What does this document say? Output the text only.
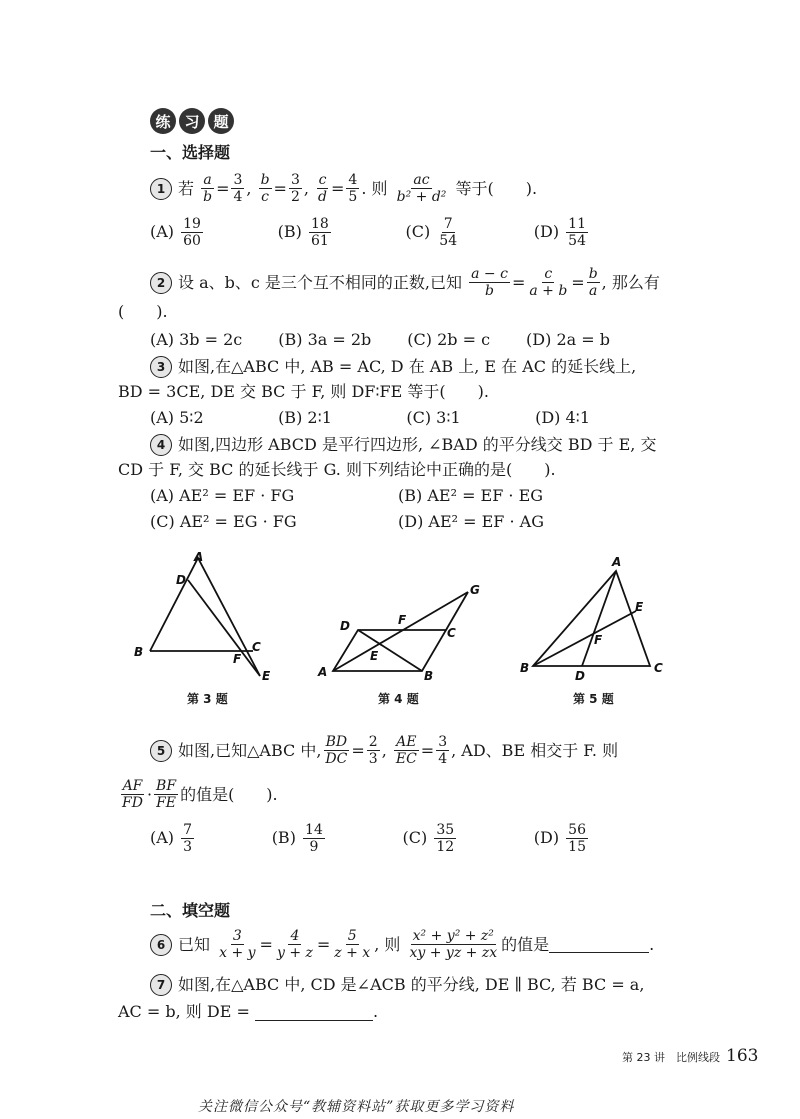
练 习 题
一、选择题
1 若
$\frac{a}{b} = \frac{3}{4}$ , $\frac{b}{c} = \frac{3}{2}$ , $\frac{c}{d} = \frac{4}{5}$ . 则
$\frac{ac}{\text{b² + d²}}$
等于(　　).
$(A) \frac{19}{60}$	$(B) \frac{18}{61}$	$(C) \frac{7}{54}$	$(D) \frac{11}{54}$
2 设 a、b、c 是三个互不相同的正数,已知
$\frac{a - c}{b} = \frac{c}{a + b} = \frac{b}{a}$ , 那么有
(　　).
(A) 3b = 2c (B) 3a = 2b (C) 2b = c (D) 2a = b
3 如图,在△ABC 中, AB = AC, D 在 AB 上, E 在 AC 的延长线上,
BD = 3CE, DE 交 BC 于 F, 则 DF∶FE 等于(　　).
(A) 5∶2	(B) 2∶1	(C) 3∶1	(D) 4∶1
4 如图,四边形 ABCD 是平行四边形, ∠BAD 的平分线交 BD 于 E, 交
CD 于 F, 交 BC 的延长线于 G. 则下列结论中正确的是(　　).
(A) AE² = EF · FG	(B) AE² = EF · EG
(C) AE² = EG · FG	(D) AE² = EF · AG
A
D
B	C
F
E
D	F
C
G
E
A	B
A
E
F
B
D
C
第 3 题	第 4 题	第 5 题
5 如图,已知△ABC 中, $\frac{BD}{DC} = \frac{2}{3}$ , $\frac{AE}{EC} = \frac{3}{4}$ , AD、BE 相交于 F. 则
$\frac{AF}{FD} \cdot \frac{BF}{FE}$ 的值是(　　).
$(A) \frac{7}{3}$	$(B) \frac{14}{9}$	$(C) \frac{35}{12}$	$(D) \frac{56}{15}$
二、填空题
6 已知
$\frac{3}{x + y} = \frac{4}{y + z} = \frac{5}{z + x}$ , 则
$\frac{\text{x² + y² + z²}}{xy + yz + zx}$ 的值是	.
7 如图,在△ABC 中, CD 是∠ACB 的平分线, DE ∥ BC, 若 BC = a,
AC = b, 则 DE =
	.
第 23 讲　比例线段 163
关注微信公众号“教辅资料站”获取更多学习资料
